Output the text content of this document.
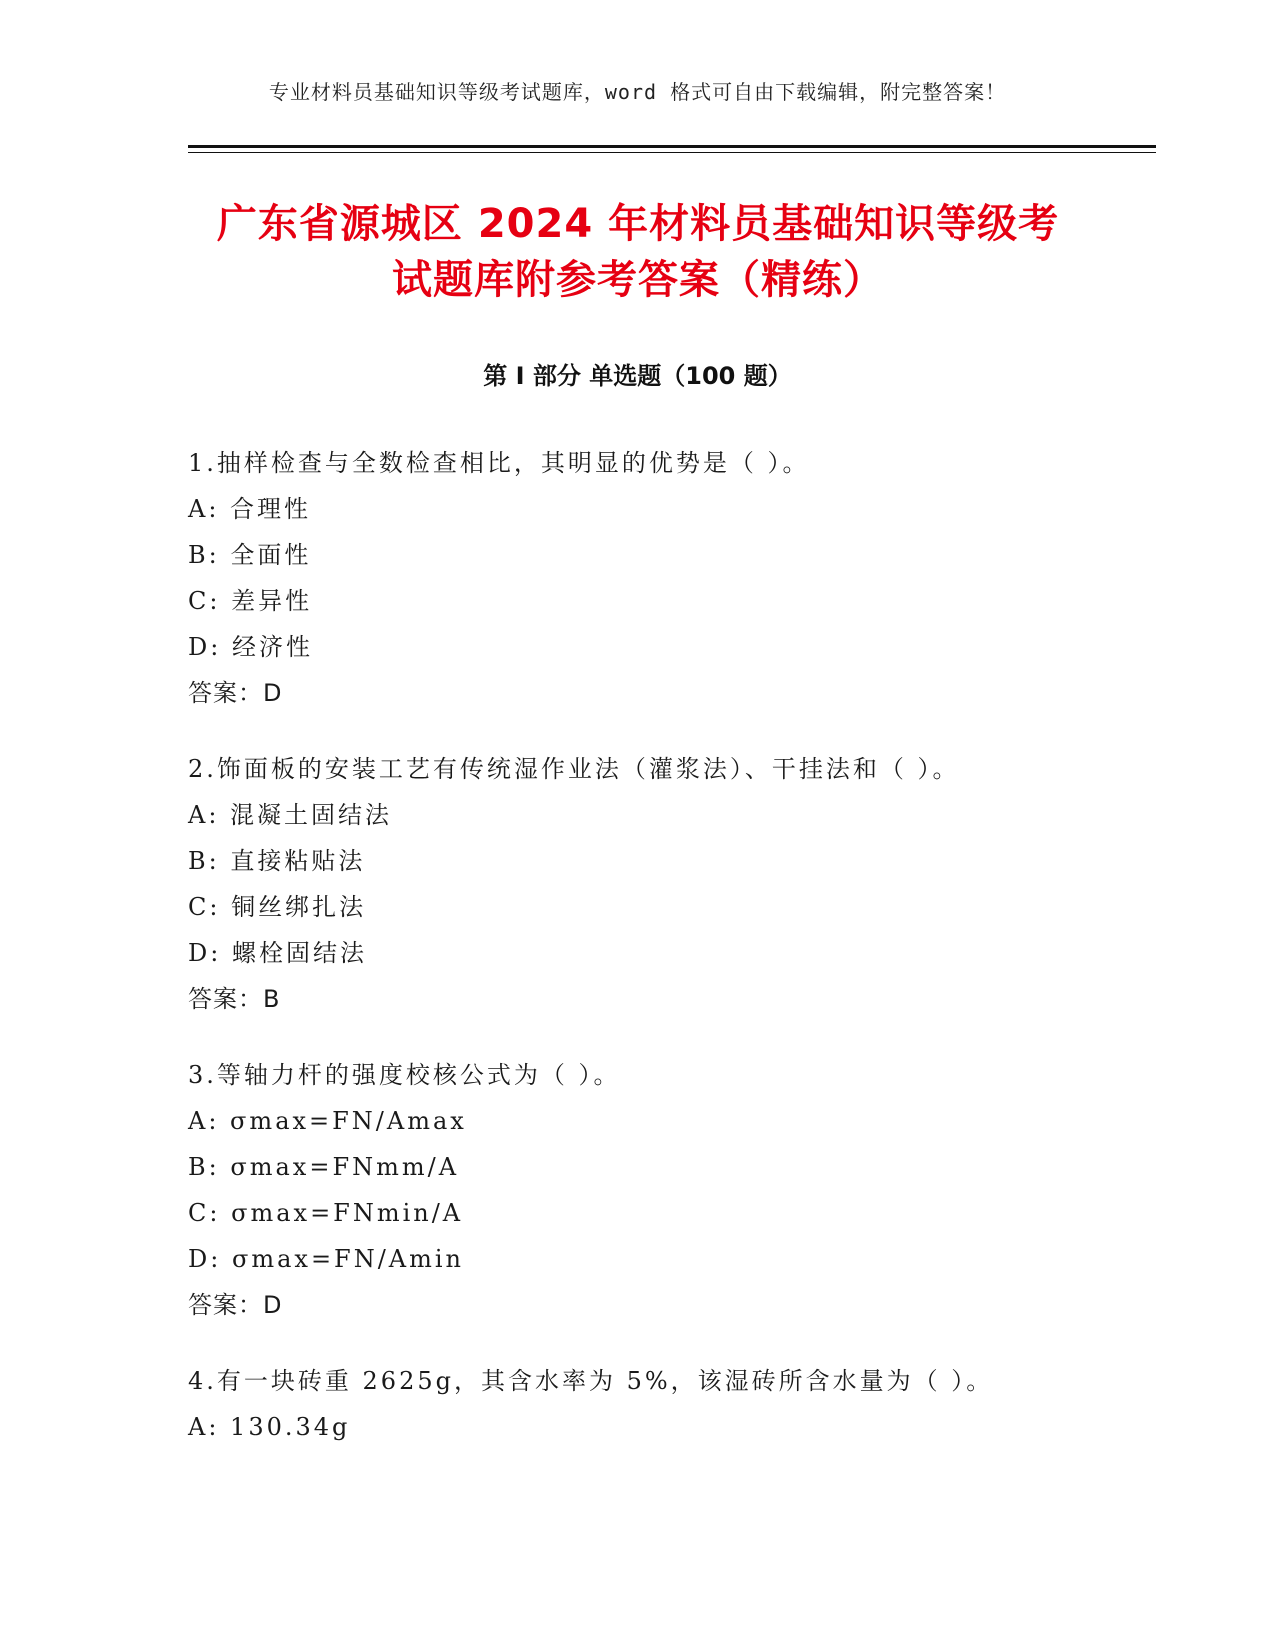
专业材料员基础知识等级考试题库，word 格式可自由下载编辑，附完整答案！
广东省源城区 2024 年材料员基础知识等级考
试题库附参考答案（精练）
第 I 部分 单选题（100 题）
1.抽样检查与全数检查相比，其明显的优势是（ ）。
A: 合理性
B: 全面性
C: 差异性
D: 经济性
答案：D
2.饰面板的安装工艺有传统湿作业法（灌浆法）、干挂法和（ ）。
A: 混凝土固结法
B: 直接粘贴法
C: 铜丝绑扎法
D: 螺栓固结法
答案：B
3.等轴力杆的强度校核公式为（ ）。
A: σmax=FN/Amax
B: σmax=FNmm/A
C: σmax=FNmin/A
D: σmax=FN/Amin
答案：D
4.有一块砖重 2625g，其含水率为 5%，该湿砖所含水量为（ ）。
A: 130.34g
